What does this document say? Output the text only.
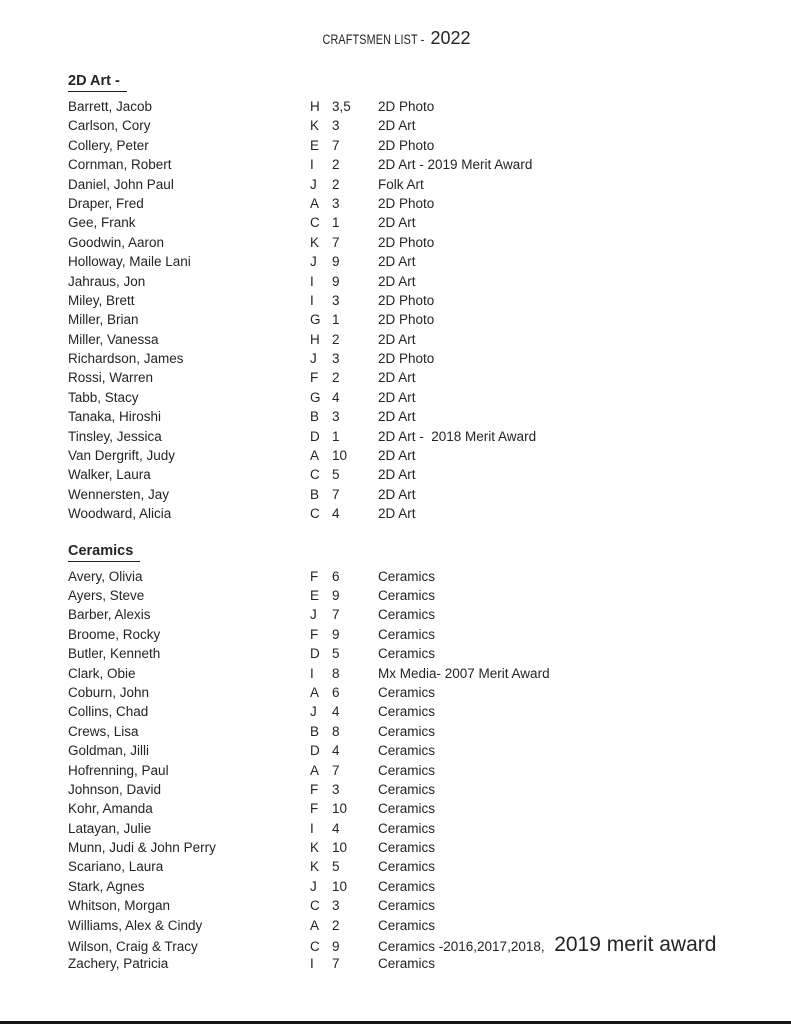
CRAFTSMEN LIST - 2022
2D Art -
Barrett, Jacob	H 3,5 2D Photo
Carlson, Cory	K 3	2D Art
Collery, Peter	E 7	2D Photo
Cornman, Robert	I	2	2D Art - 2019 Merit Award
Daniel, John Paul	J	2	Folk Art
Draper, Fred	A 3	2D Photo
Gee, Frank	C 1	2D Art
Goodwin, Aaron	K 7	2D Photo
Holloway, Maile Lani	J	9	2D Art
Jahraus, Jon	I	9	2D Art
Miley, Brett	I	3	2D Photo
Miller, Brian	G 1	2D Photo
Miller, Vanessa	H 2	2D Art
Richardson, James	J	3	2D Photo
Rossi, Warren	F	2	2D Art
Tabb, Stacy	G 4	2D Art
Tanaka, Hiroshi	B 3	2D Art
Tinsley, Jessica	D 1	2D Art -  2018 Merit Award
Van Dergrift, Judy	A 10 2D Art
Walker, Laura	C 5	2D Art
Wennersten, Jay	B 7	2D Art
Woodward, Alicia	C 4	2D Art
Ceramics
Avery, Olivia	F	6	Ceramics
Ayers, Steve	E 9	Ceramics
Barber, Alexis	J	7	Ceramics
Broome, Rocky	F	9	Ceramics
Butler, Kenneth	D 5	Ceramics
Clark, Obie	I	8	Mx Media- 2007 Merit Award
Coburn, John	A 6	Ceramics
Collins, Chad	J	4	Ceramics
Crews, Lisa	B 8	Ceramics
Goldman, Jilli	D 4	Ceramics
Hofrenning, Paul	A 7	Ceramics
Johnson, David	F	3	Ceramics
Kohr, Amanda	F	10 Ceramics
Latayan, Julie	I	4	Ceramics
Munn, Judi & John Perry	K 10 Ceramics
Scariano, Laura	K 5	Ceramics
Stark, Agnes	J	10 Ceramics
Whitson, Morgan	C 3	Ceramics
Williams, Alex & Cindy	A 2	Ceramics
Wilson, Craig & Tracy	C 9	Ceramics -2016,2017,2018, 2019 merit award
Zachery, Patricia	I	7	Ceramics
